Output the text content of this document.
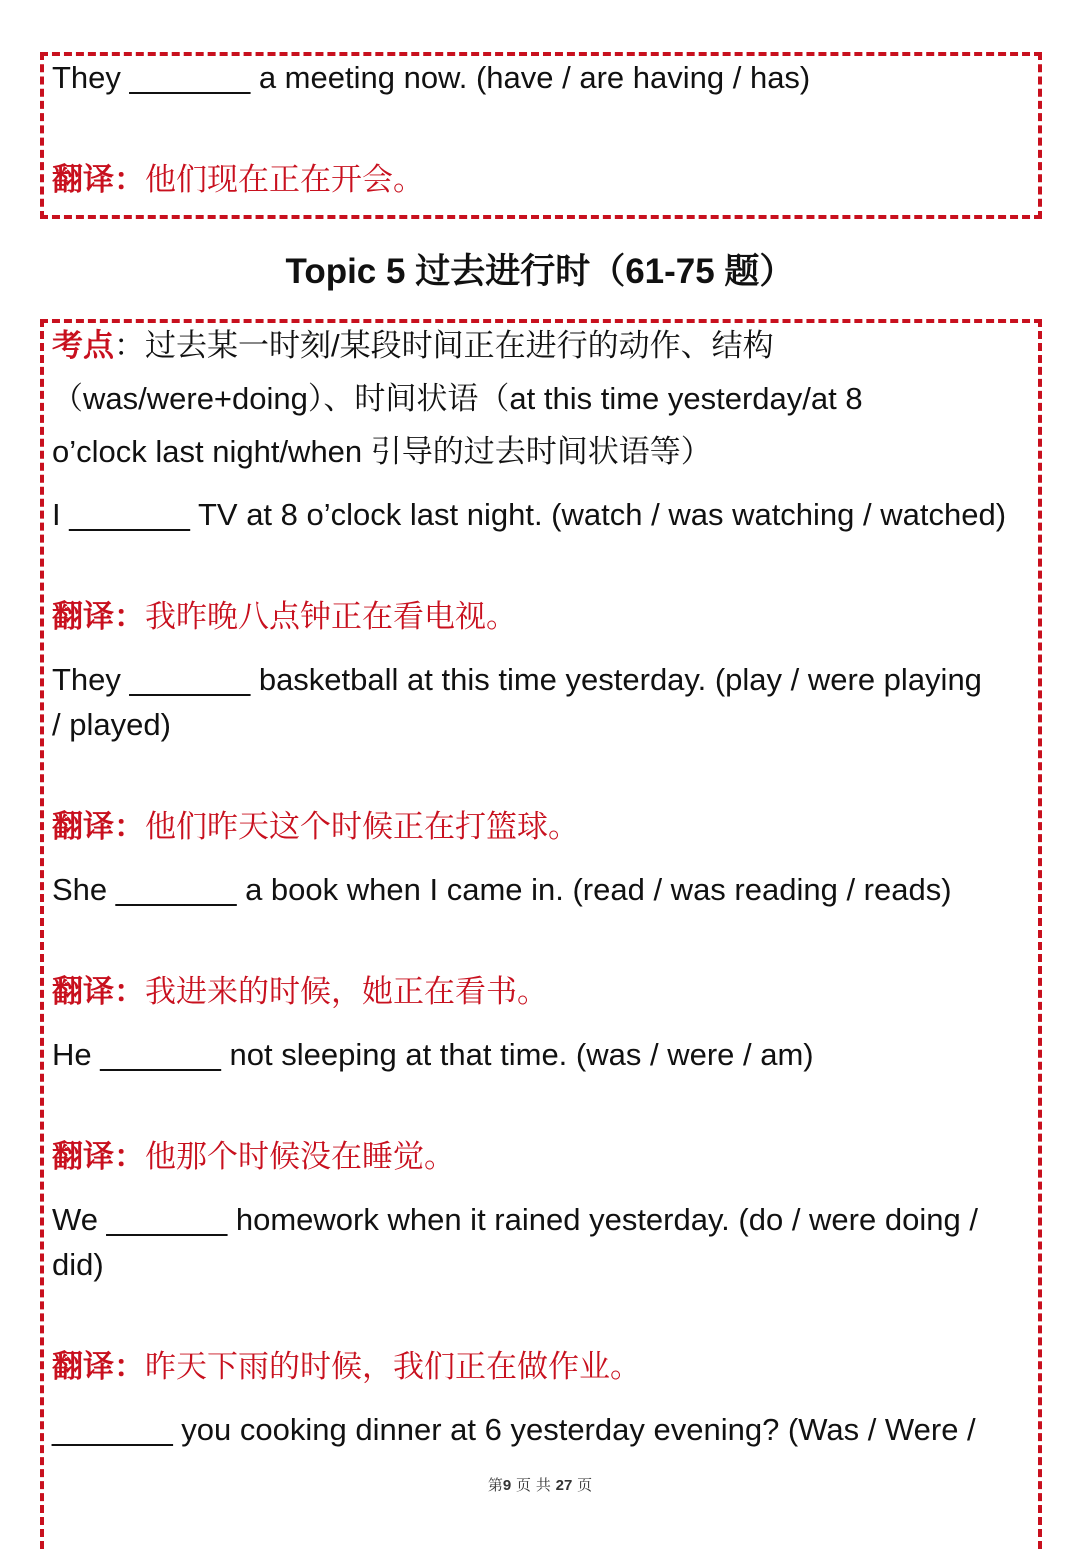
They _______ a meeting now. (have / are having / has)
翻译：他们现在正在开会。
Topic 5 过去进行时（61-75 题）
考点：过去某一时刻/某段时间正在进行的动作、结构
（was/were+doing）、时间状语（at this time yesterday/at 8
o’clock last night/when 引导的过去时间状语等）
I _______ TV at 8 o’clock last night. (watch / was watching / watched)
翻译：我昨晚八点钟正在看电视。
They _______ basketball at this time yesterday. (play / were playing
/ played)
翻译：他们昨天这个时候正在打篮球。
She _______ a book when I came in. (read / was reading / reads)
翻译：我进来的时候，她正在看书。
He _______ not sleeping at that time. (was / were / am)
翻译：他那个时候没在睡觉。
We _______ homework when it rained yesterday. (do / were doing /
did)
翻译：昨天下雨的时候，我们正在做作业。
_______ you cooking dinner at 6 yesterday evening? (Was / Were /
第9 页 共 27 页
